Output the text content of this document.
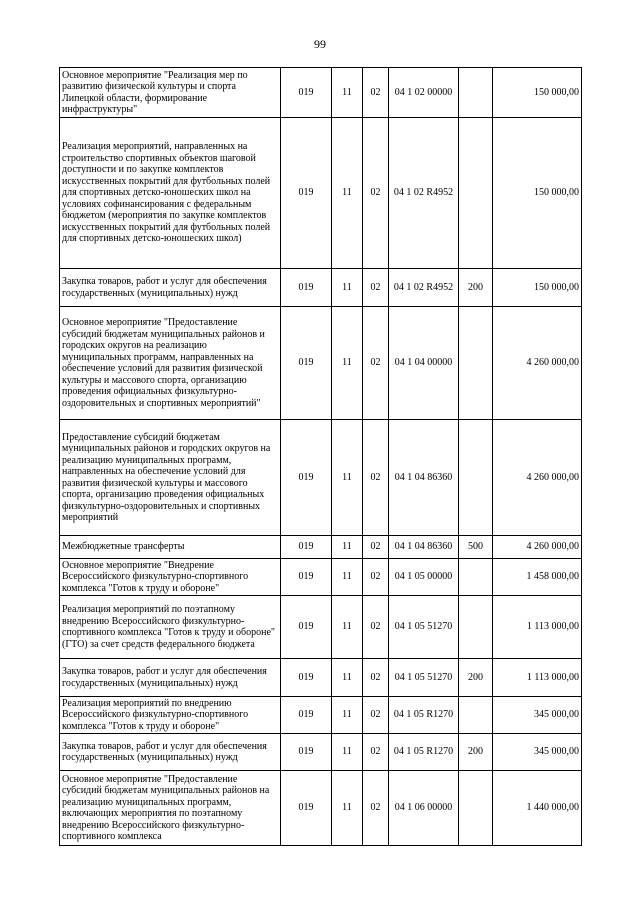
99
Основное мероприятие "Реализация мер по развитию физической культуры и спорта Липецкой области, формирование инфраструктуры"	019	11	02	04 1 02 00000		150 000,00
Реализация мероприятий, направленных на строительство спортивных объектов шаговой доступности и по закупке комплектов искусственных покрытий для футбольных полей для спортивных детско-юношеских школ на условиях софинансирования с федеральным бюджетом (мероприятия по закупке комплектов искусственных покрытий для футбольных полей для спортивных детско-юношеских школ)	019	11	02	04 1 02 R4952		150 000,00
Закупка товаров, работ и услуг для обеспечения государственных (муниципальных) нужд	019	11	02	04 1 02 R4952	200	150 000,00
Основное мероприятие "Предоставление субсидий бюджетам муниципальных районов и городских округов на реализацию муниципальных программ, направленных на обеспечение условий для развития физической культуры и массового спорта, организацию проведения официальных физкультурно-оздоровительных и спортивных мероприятий"	019	11	02	04 1 04 00000		4 260 000,00
Предоставление субсидий бюджетам муниципальных районов и городских округов на реализацию муниципальных программ, направленных на обеспечение условий для развития физической культуры и массового спорта, организацию проведения официальных физкультурно-оздоровительных и спортивных мероприятий	019	11	02	04 1 04 86360		4 260 000,00
Межбюджетные трансферты	019	11	02	04 1 04 86360	500	4 260 000,00
Основное мероприятие "Внедрение Всероссийского физкультурно-спортивного комплекса "Готов к труду и обороне"	019	11	02	04 1 05 00000		1 458 000,00
Реализация мероприятий по поэтапному внедрению Всероссийского физкультурно-спортивного комплекса "Готов к труду и обороне" (ГТО) за счет средств федерального бюджета	019	11	02	04 1 05 51270		1 113 000,00
Закупка товаров, работ и услуг для обеспечения государственных (муниципальных) нужд	019	11	02	04 1 05 51270	200	1 113 000,00
Реализация мероприятий по внедрению Всероссийского физкультурно-спортивного комплекса "Готов к труду и обороне"	019	11	02	04 1 05 R1270		345 000,00
Закупка товаров, работ и услуг для обеспечения государственных (муниципальных) нужд	019	11	02	04 1 05 R1270	200	345 000,00
Основное мероприятие "Предоставление субсидий бюджетам муниципальных районов на реализацию муниципальных программ, включающих мероприятия по поэтапному внедрению Всероссийского физкультурно-спортивного комплекса	019	11	02	04 1 06 00000		1 440 000,00
